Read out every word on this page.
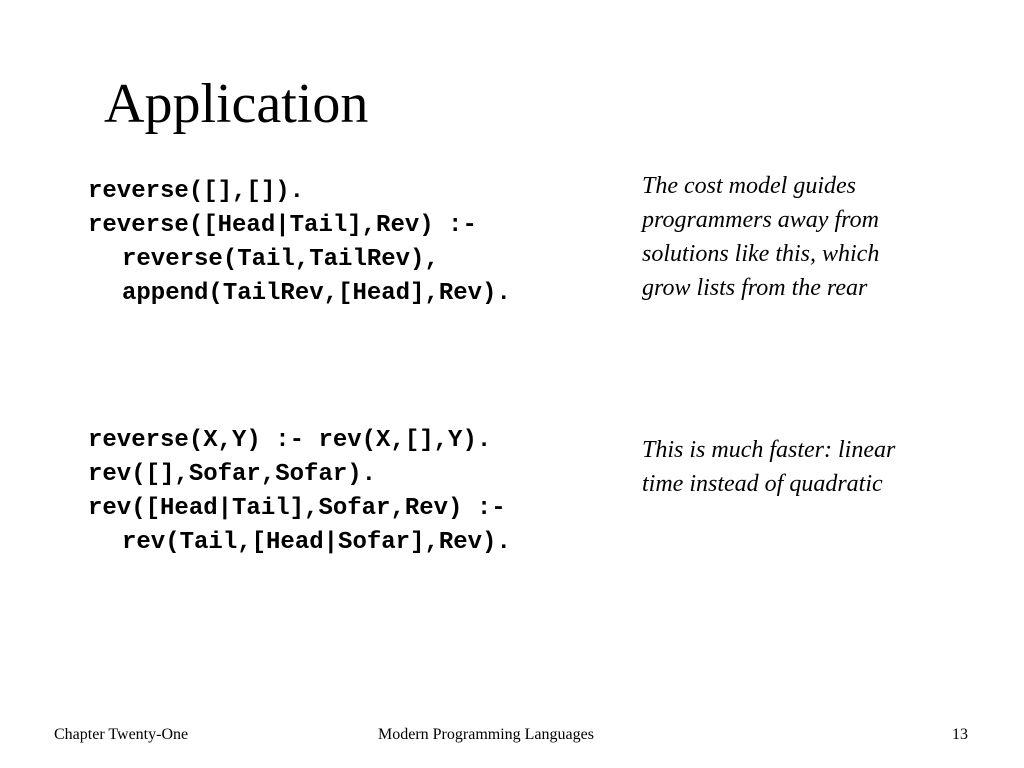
Application
reverse([],[]).
reverse([Head|Tail],Rev) :-
reverse(Tail,TailRev),
append(TailRev,[Head],Rev).
The cost model guides
programmers away from
solutions like this, which
grow lists from the rear
reverse(X,Y) :- rev(X,[],Y).
rev([],Sofar,Sofar).
rev([Head|Tail],Sofar,Rev) :-
rev(Tail,[Head|Sofar],Rev).
This is much faster: linear
time instead of quadratic
Chapter Twenty-One	Modern Programming Languages	13
